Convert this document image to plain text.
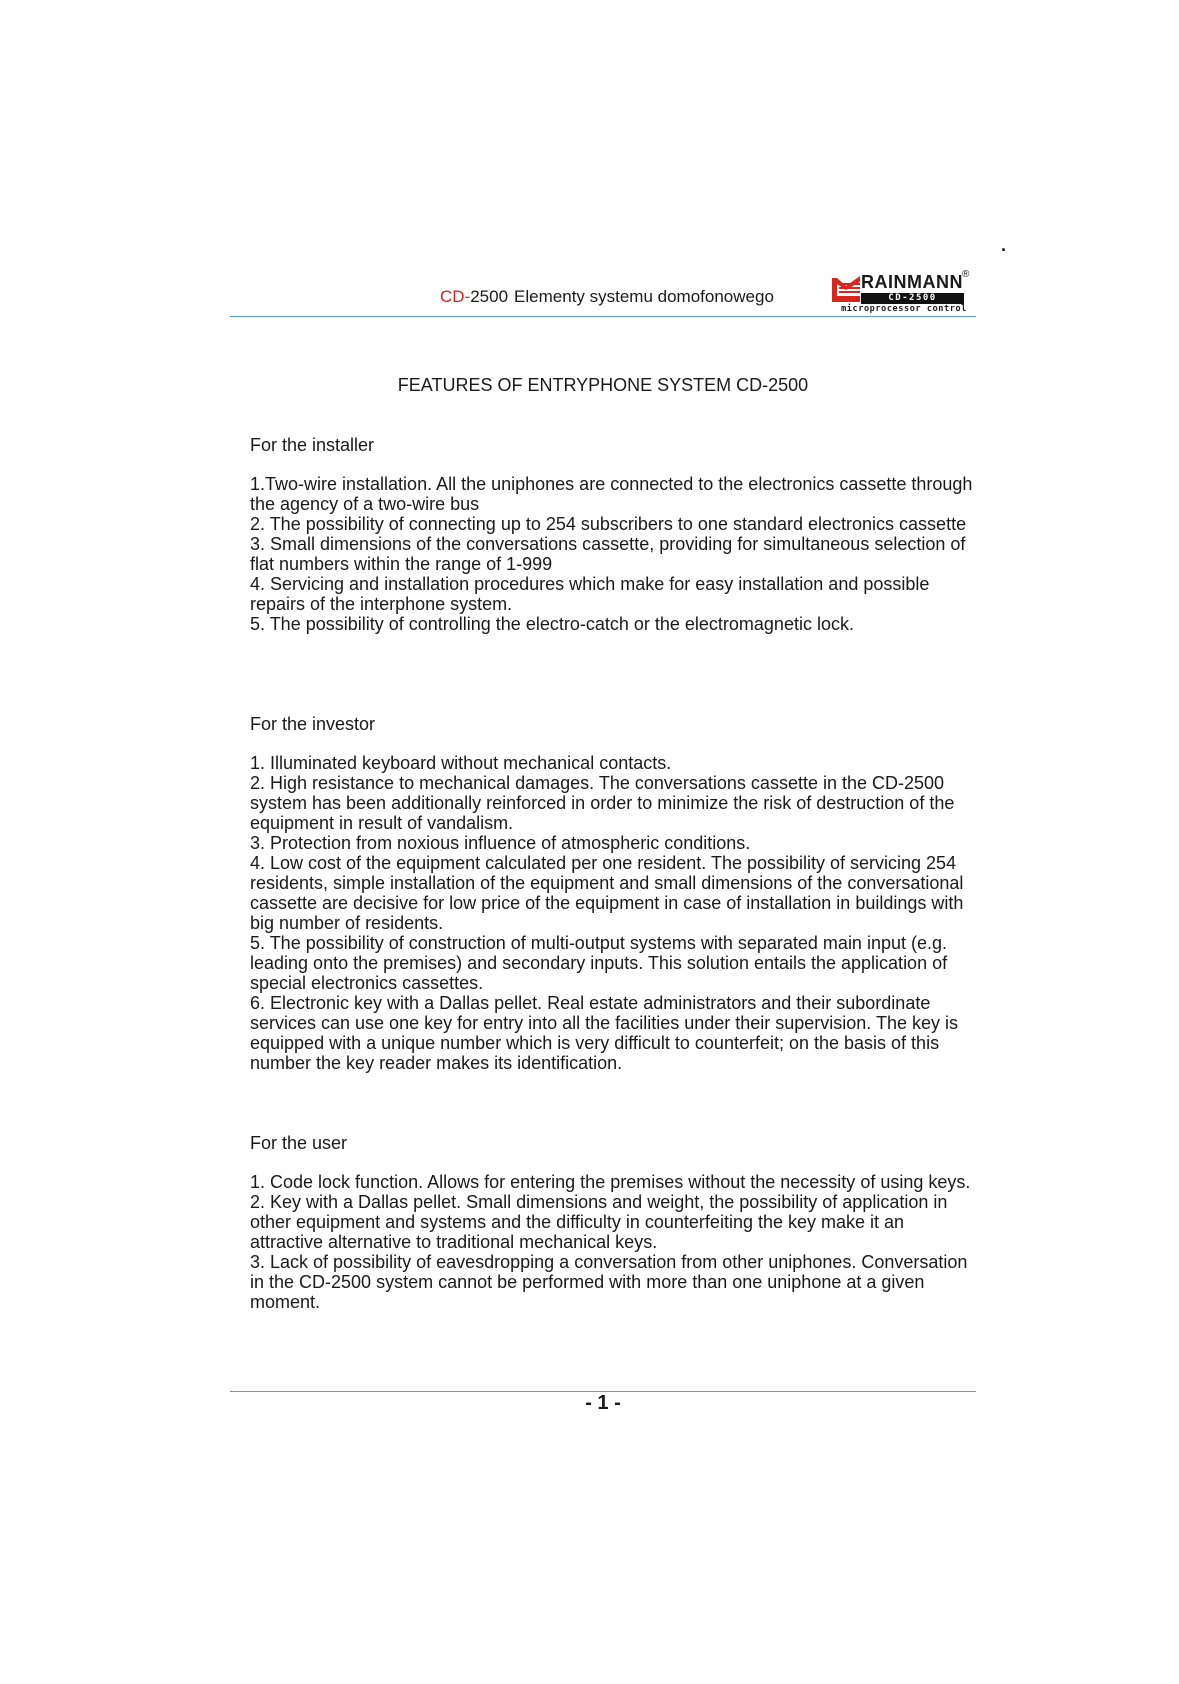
.
CD-2500 Elementy systemu domofonowego
RAINMANN ®
CD-2500
microprocessor control
FEATURES OF ENTRYPHONE SYSTEM CD-2500
For the installer

1.Two-wire installation. All the uniphones are connected to the electronics cassette through the agency of a two-wire bus

2. The possibility of connecting up to 254 subscribers to one standard electronics cassette

3. Small dimensions of the conversations cassette, providing for simultaneous selection of flat numbers within the range of 1-999

4. Servicing and installation procedures which make for easy installation and possible repairs of the interphone system.

5. The possibility of controlling the electro-catch or the electromagnetic lock.

For the investor

1. Illuminated keyboard without mechanical contacts.

2. High resistance to mechanical damages. The conversations cassette in the CD-2500 system has been additionally reinforced in order to minimize the risk of destruction of the equipment in result of vandalism.

3. Protection from noxious influence of atmospheric conditions.

4. Low cost of the equipment calculated per one resident. The possibility of servicing 254 residents, simple installation of the equipment and small dimensions of the conversational cassette are decisive for low price of the equipment in case of installation in buildings with big number of residents.

5. The possibility of construction of multi-output systems with separated main input (e.g. leading onto the premises) and secondary inputs. This solution entails the application of special electronics cassettes.

6. Electronic key with a Dallas pellet. Real estate administrators and their subordinate services can use one key for entry into all the facilities under their supervision. The key is equipped with a unique number which is very difficult to counterfeit; on the basis of this number the key reader makes its identification.

For the user

1. Code lock function. Allows for entering the premises without the necessity of using keys.

2. Key with a Dallas pellet. Small dimensions and weight, the possibility of application in other equipment and systems and the difficulty in counterfeiting the key make it an attractive alternative to traditional mechanical keys.

3. Lack of possibility of eavesdropping a conversation from other uniphones. Conversation in the CD-2500 system cannot be performed with more than one uniphone at a given moment.

- 1 -
